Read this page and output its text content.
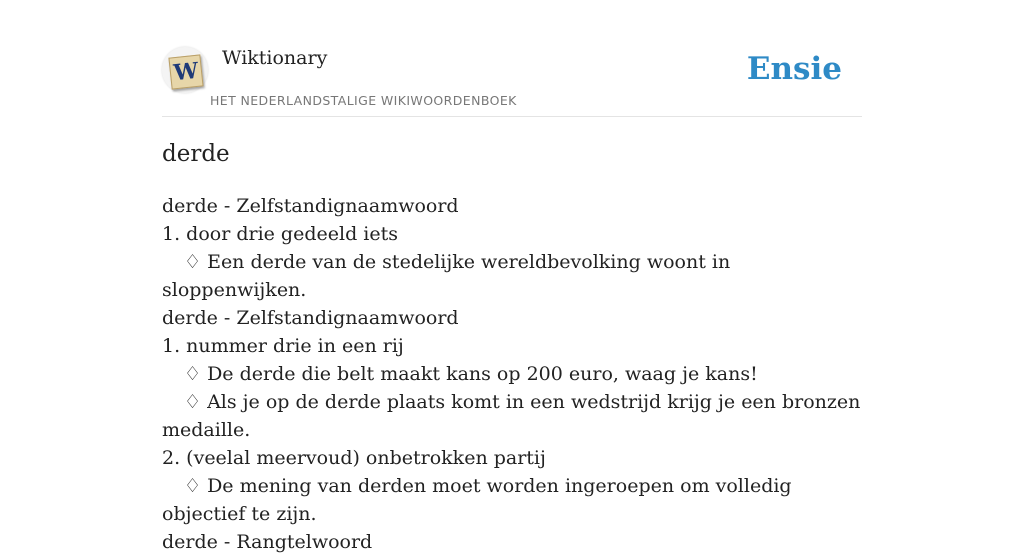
W Wiktionary
HET NEDERLANDSTALIGE WIKIWOORDENBOEK
Ensie
derde
derde - Zelfstandignaamwoord
1. door drie gedeeld iets
♢ Een derde van de stedelijke wereldbevolking woont in sloppenwijken.
derde - Zelfstandignaamwoord
1. nummer drie in een rij
♢ De derde die belt maakt kans op 200 euro, waag je kans!
♢ Als je op de derde plaats komt in een wedstrijd krijg je een bronzen medaille.
2. (veelal meervoud) onbetrokken partij
♢ De mening van derden moet worden ingeroepen om volledig objectief te zijn.
derde - Rangtelwoord
